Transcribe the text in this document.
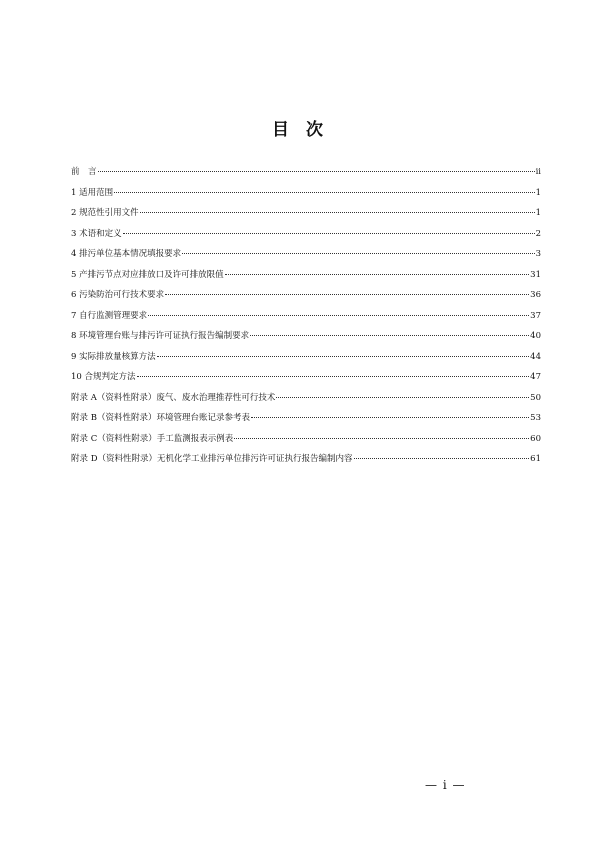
目　次
前　言	ii
1 适用范围	1
2 规范性引用文件	1
3 术语和定义	2
4 排污单位基本情况填报要求	3
5 产排污节点对应排放口及许可排放限值	31
6 污染防治可行技术要求	36
7 自行监测管理要求	37
8 环境管理台账与排污许可证执行报告编制要求	40
9 实际排放量核算方法	44
10 合规判定方法	47
附录 A（资料性附录）废气、废水治理推荐性可行技术	50
附录 B（资料性附录）环境管理台账记录参考表	53
附录 C（资料性附录）手工监测报表示例表	60
附录 D（资料性附录）无机化学工业排污单位排污许可证执行报告编制内容	61
— i —
